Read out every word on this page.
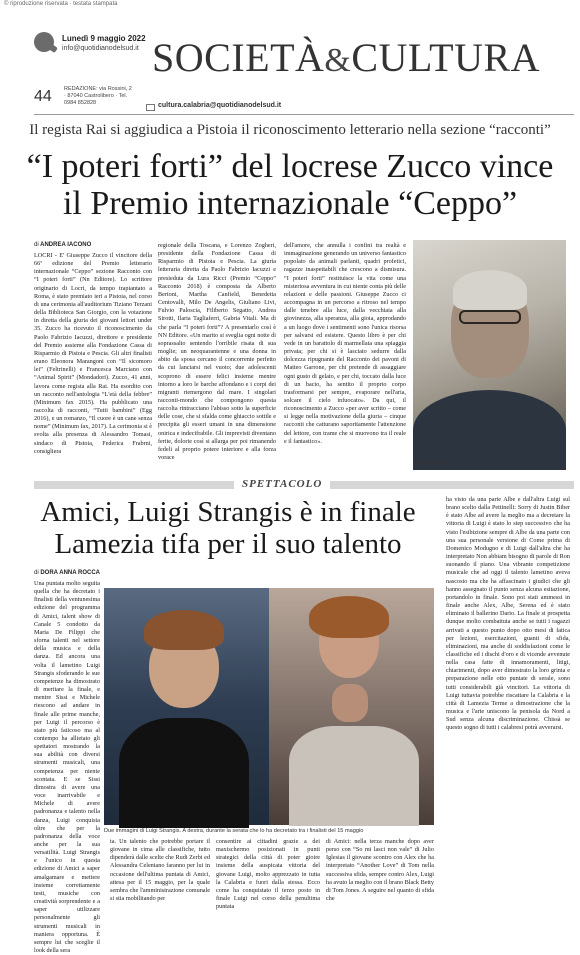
© riproduzione riservata · testata stampata
Lunedì 9 maggio 2022
info@quotidianodelsud.it SOCIETÀ&CULTURA
44 REDAZIONE: via Rossini, 2 · 87040 Castrolibero · Tel. 0984 852828	cultura.calabria@quotidianodelsud.it
Il regista Rai si aggiudica a Pistoia il riconoscimento letterario nella sezione “racconti”
“I poteri forti” del locrese Zucco vince
il Premio internazionale “Ceppo”
di ANDREA IACONO
LOCRI - E' Giuseppe Zucco il vincitore della 66ª edizione del Premio letterario internazionale “Ceppo” sezione Racconto con “I poteri forti” (Nn Editore). Lo scrittore originario di Locri, da tempo trapiantato a Roma, è stato premiato ieri a Pistoia, nel corso di una cerimonia all'auditorium Tiziano Terzani della Biblioteca San Giorgio, con la votazione in diretta della giuria dei giovani lettori under 35. Zucco ha ricevuto il riconoscimento da Paolo Fabrizio Iacuzzi, direttore e presidente del Premio assieme alla Fondazione Cassa di Risparmio di Pistoia e Pescia. Gli altri finalisti erano Eleonora Marangoni con “Il sicomoro lei” (Feltrinelli) e Francesca Marciano con “Animal Spirit” (Mondadori). Zucco, 41 anni, lavora come regista alla Rai. Ha esordito con un racconto nell'antologia “L'età della febbre” (Minimum fax 2015). Ha pubblicato una raccolta di racconti, “Tutti bambini” (Egg 2016), e un romanzo, “Il cuore è un cane senza nome” (Minimum fax, 2017). La cerimonia si è svolta alla presenza di Alessandro Tomasi, sindaco di Pistoia, Federica Frabrni, consigliera
regionale della Toscana, e Lorenzo Zogheri, presidente della Fondazione Cassa di Risparmio di Pistoia e Pescia. La giuria letteraria diretta da Paolo Fabrizio Iacuzzi e presieduta da Lura Ricci (Premio “Ceppo” Racconto 2018) è composta da Alberto Bertoni, Martha Canfield, Benedetta Centovalli, Milo De Angelis, Giuliano Livi, Fulvio Paloscia, Filiberto Segatto, Andrea Sirotti, Ilaria Tagliaferri, Gabria Vitali. Ma di che parla “I poteri forti”? A presentarlo così è NN Editore. «Un marito si sveglia ogni notte di soprassalto sentendo l'orribile risata di sua moglie; un neoquarantenne e una donna in abito da sposa cercano il concorrente perfetto da cui lanciarsi nel vuoto; due adolescenti scoprono di essere felici insieme mentre intorno a loro le barche affondano e i corpi dei migranti riemergono dal mare. I singolari racconti-mondo che compongono questa raccolta rintracciano l'abisso sotto la superficie delle cose, che si sfalda come ghiaccio sottile e precipita gli esseri umani in una dimensione onirica e indecifrabile. Gli imprevisti diventano ferite, dolorie così si allarga per poi rimanendo fedeli al proprio potere interiore e alla forza vorace
dell'amore, che annulla i confini tra realtà e immaginazione generando un universo fantastico popolato da animali parlanti, quadri profetici, ragazze inaspettabili che crescono a dismisura. “I poteri forti” restituisce la vita come una misteriosa avventura in cui niente conta più delle relazioni e delle passioni. Giuseppe Zucco ci accompagna in un percorso a ritroso nel tempo dalle tenebre alla luce, dalla vecchiaia alla giovinezza, alla speranza, alla gioia, approdando a un luogo dove i sentimenti sono l'unica risorsa per salvarsi ed esistere. Questo libro è per chi vede in un barattolo di marmellata una spiaggia privata; per chi si è lasciato sedurre dalla dolcezza ripugnante del Racconto dei pavoni di Matteo Garrone, per chi pretende di assaggiare ogni gusto di gelato, e per chi, toccato dalla luce di un bacio, ha sentito il proprio corpo trasformarsi per sempre, evaporare nell'aria, solcare il cielo infuocato». Da qui, il riconoscimento a Zucco «per aver scritto – come si legge nella motivazione della giuria – cinque racconti che catturano saporitamente l'attenzione del lettore, con trame che si muovono tra il reale e il fantastico».
Giuseppe Zucco
SPETTACOLO
Amici, Luigi Strangis è in finale
Lamezia tifa per il suo talento
di DORA ANNA ROCCA
Una puntata molto seguita quella che ha decretato i finalisti della ventunesima edizione del programma di Amici, talent show di Canale 5 condotto da Maria De Filippi che sforna talenti nel settore della musica e della danza. Ed ancora una volta il lametino Luigi Strangis sfoderando le sue competenze ha dimostrato di meritare la finale, e mentre Sissi e Michele riescono ad andare in finale alle prime manche, per Luigi il percorso è stato più faticoso ma al contempo ha allietato gli spettatori mostrando la sua abilità con diversi strumenti musicali, una competenza per niente scontata. E se Sissi dimostra di avere una voce inarrivabile e Michele di avere padronanza e talento nella danza, Luigi conquista oltre che per la padronanza della voce anche per la sua versatilità. Luigi Strangis e l'unico in questa edizione di Amici a saper amalgamare e mettere insieme correttamente testi, musiche con creatività sorprendente e a saper utilizzare personalmente gli strumenti musicali in maniera opportuna. È sempre lui che sceglie il look della sera
Due immagini di Luigi Strangis. A destra, durante la serata che lo ha decretato tra i finalisti del 15 maggio
ta. Un talento che potrebbe portare il giovane in cima alle classifiche, tutto dipenderà dalle scelte che Rudi Zerbi ed Alessandra Celentano faranno per lui in occasione dell'ultima puntata di Amici, attesa per il 15 maggio, per la quale sembra che l'amministrazione comunale si stia mobilitando per
consentire ai cittadini grazie a dei maxischermo posizionati in punti strategici della città di poter gioire insieme della auspicata vittoria del giovane Luigi, molto apprezzato in tutta la Calabria e fuori dalla stessa. Ecco come ha conquistato il terzo posto in finale Luigi nel corso della penultima puntata
di Amici: nella terza manche dopo aver perso con “So mi lasci non vale” di Julio Iglesias il giovane scontro con Alex che ha interpretato “Another Love” di Tom nella successiva sfida, sempre contro Alex, Luigi ha avuto la meglio con il brano Black Betty di Tom Jones. A seguire nel quanto di sfida che
ha visto da una parte Albe e dall'altra Luigi sul brano scelto dalla Pettinelli: Sorry di Justin Biber è stato Albe ad avere la meglio ma a decretare la vittoria di Luigi è stato lo step successivo che ha visto l'esibizione sempre di Albe da una parte con una sua personale versione di Come prima di Domenico Modugno e di Luigi dall'altra che ha interpretato Non abbiam bisogno di parole di Ron suonando il piano. Una vibrante competizione musicale che ad oggi il talento lametino aveva nascosto ma che ha affascinato i giudici che gli hanno assegnato il punto senza alcuna esitazione, portandolo in finale. Sono poi stati ammessi in finale anche Alex, Albe, Serena ed è stato eliminato il ballerino Dario. La finale si prospetta dunque molto combattuta anche se tutti i ragazzi arrivati a questo punto dopo otto mesi di fatica per lezioni, esercitazioni, guanti di sfida, eliminazioni, ma anche di soddisfazioni come le classifiche ed i dischi d'oro e di vicende avvenute nella casa fatte di innamoramenti, litigi, chiarimenti, dopo aver dimostrato la loro grinta e preparazione nelle otto puntate di serale, sono tutti considerabili già vincitori. La vittoria di Luigi tuttavia potrebbe riscattare la Calabria e la città di Lamezia Terme a dimostrazione che la musica e l'arte uniscono la penisola da Nord a Sud senza alcuna discriminazione. Chissà se questo sogno di tutti i calabresi potrà avverarsi.
